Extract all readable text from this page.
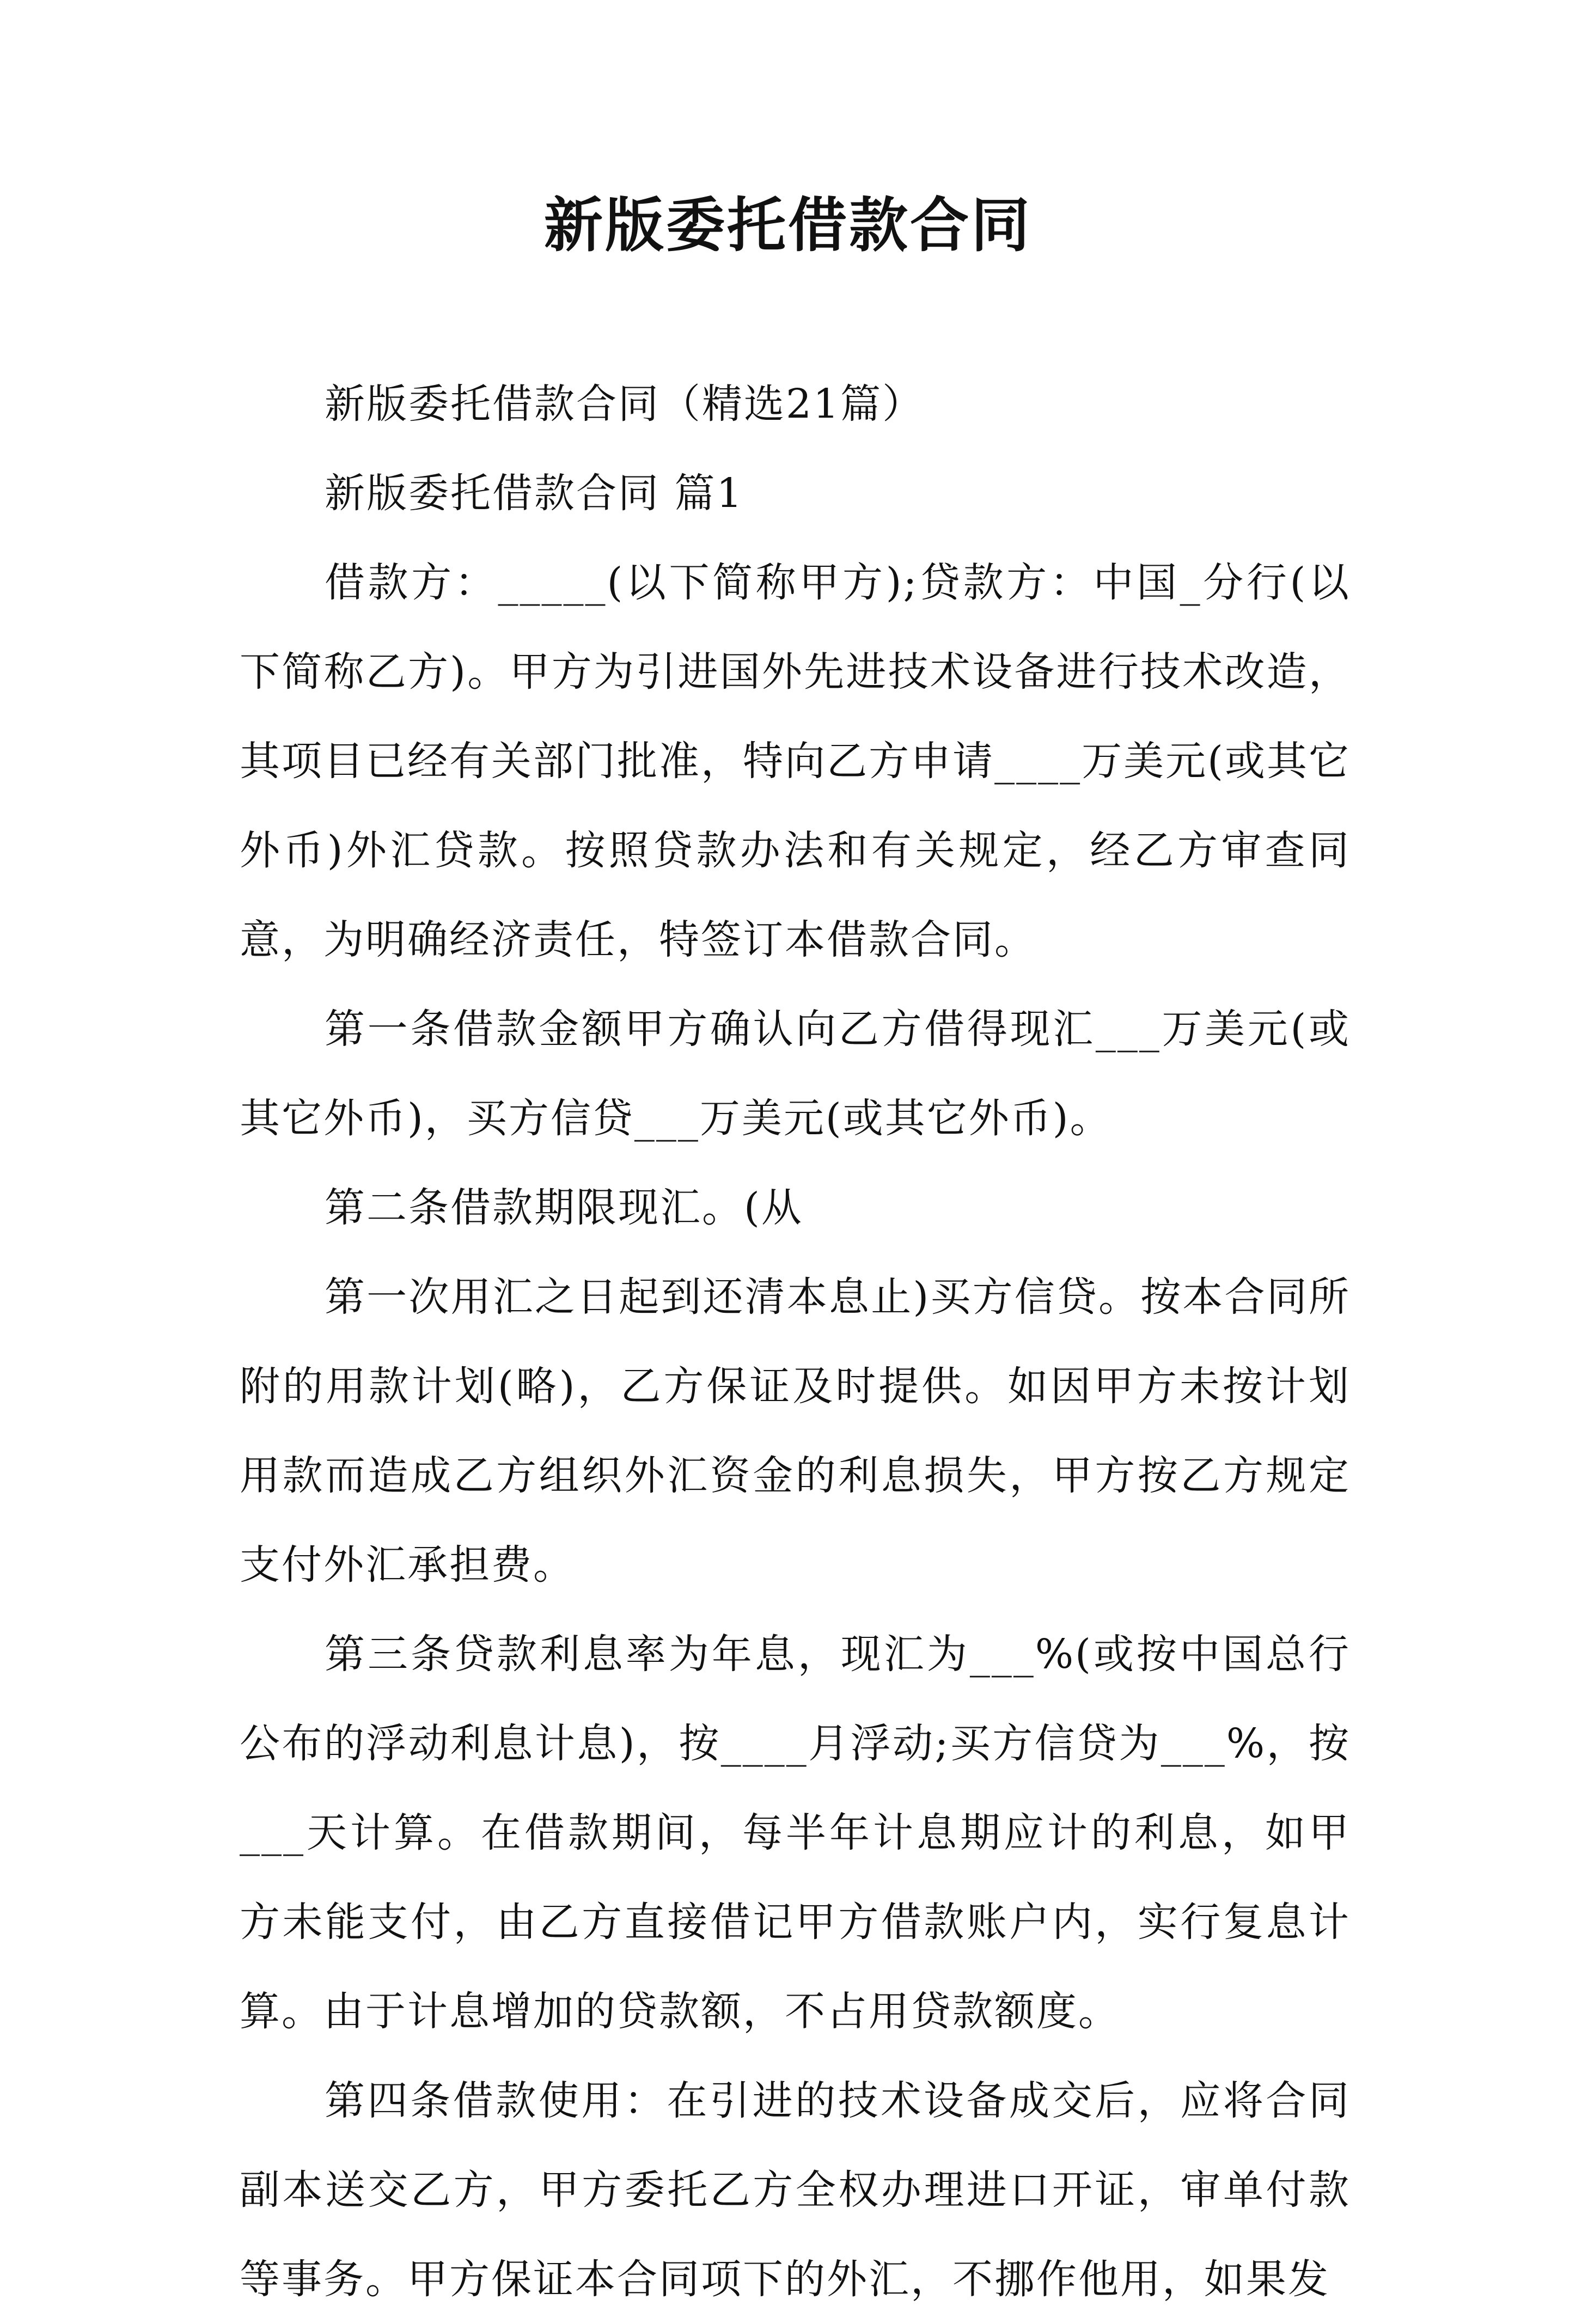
新版委托借款合同

新版委托借款合同（精选21篇）

新版委托借款合同 篇1

借款方：_____(以下简称甲方);贷款方：中国_分行(以下简称乙方)。甲方为引进国外先进技术设备进行技术改造，其项目已经有关部门批准，特向乙方申请____万美元(或其它外币)外汇贷款。按照贷款办法和有关规定，经乙方审查同意，为明确经济责任，特签订本借款合同。

第一条借款金额甲方确认向乙方借得现汇___万美元(或其它外币)，买方信贷___万美元(或其它外币)。

第二条借款期限现汇。(从

第一次用汇之日起到还清本息止)买方信贷。按本合同所附的用款计划(略)，乙方保证及时提供。如因甲方未按计划用款而造成乙方组织外汇资金的利息损失，甲方按乙方规定支付外汇承担费。

第三条贷款利息率为年息，现汇为___%(或按中国总行公布的浮动利息计息)，按____月浮动;买方信贷为___%，按___天计算。在借款期间，每半年计息期应计的利息，如甲方未能支付，由乙方直接借记甲方借款账户内，实行复息计算。由于计息增加的贷款额，不占用贷款额度。

第四条借款使用：在引进的技术设备成交后，应将合同副本送交乙方，甲方委托乙方全权办理进口开证，审单付款等事务。甲方保证本合同项下的外汇，不挪作他用，如果发
